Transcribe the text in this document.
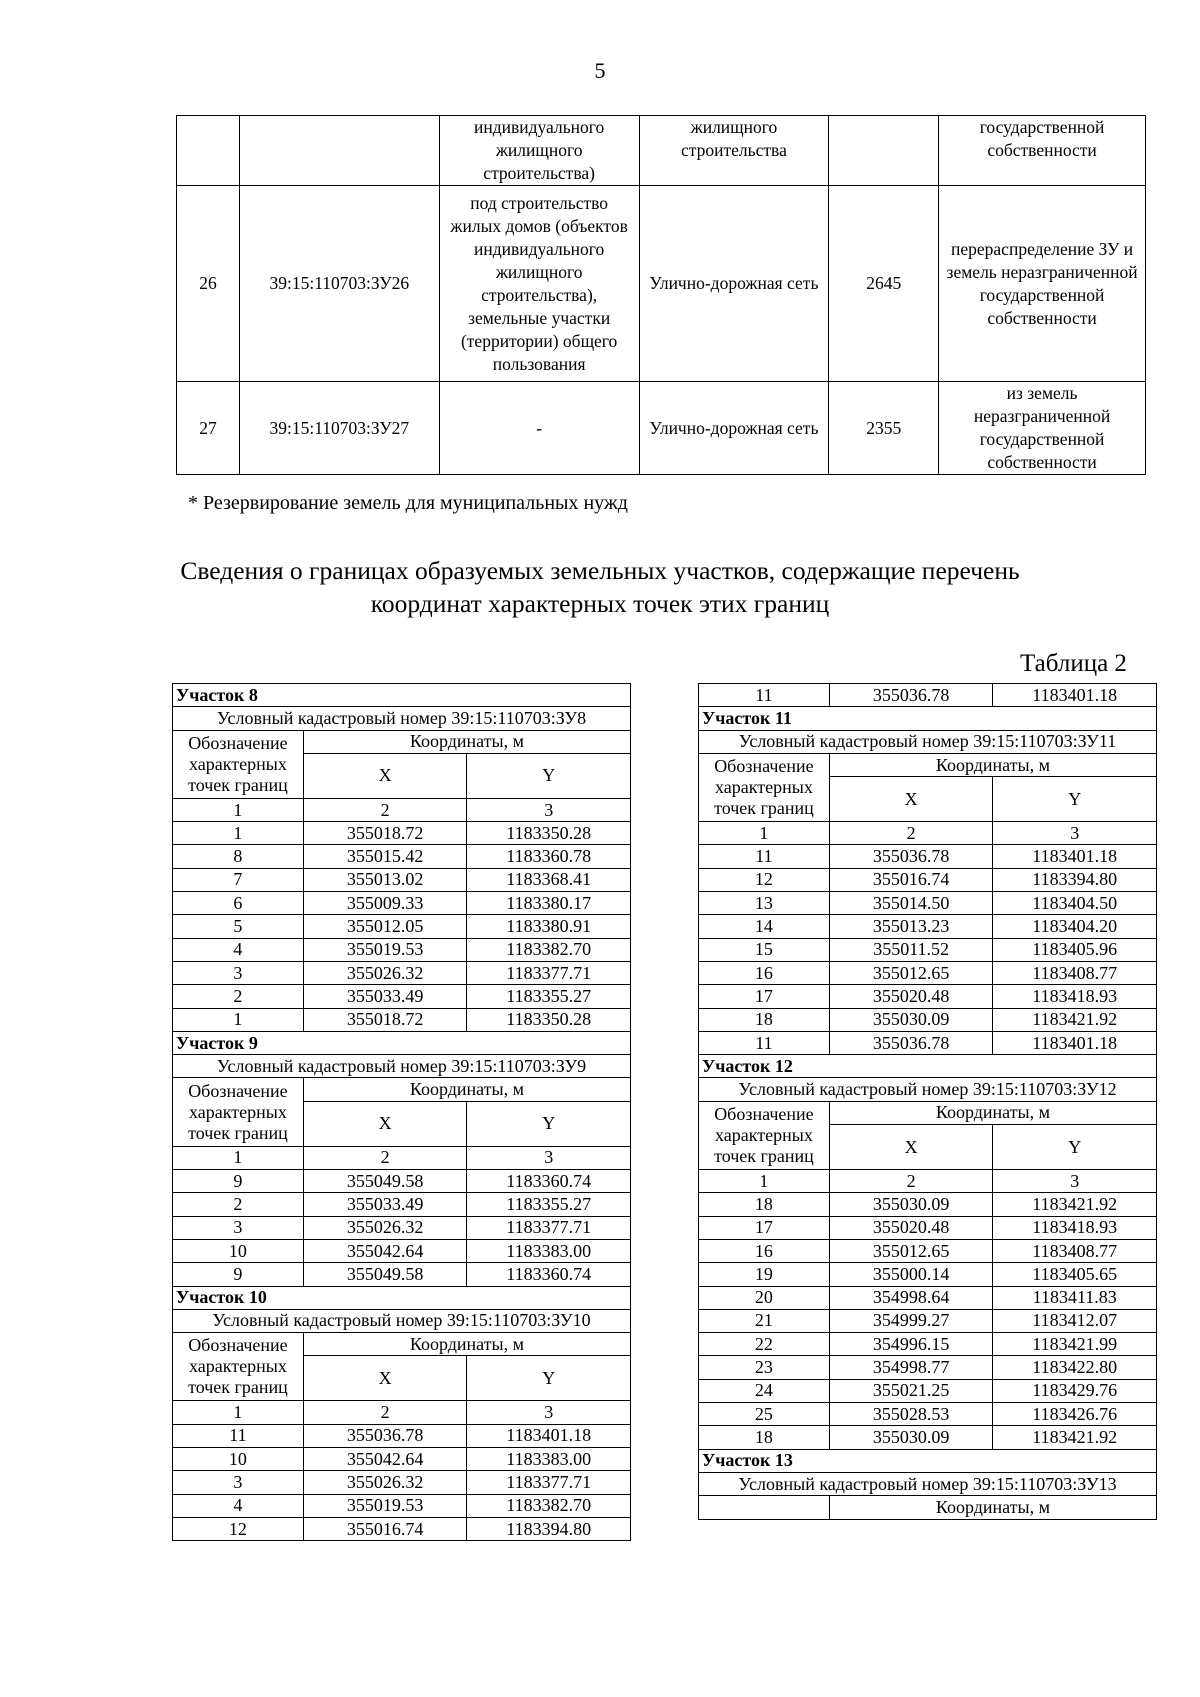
5
		индивидуального жилищного строительства)	жилищного строительства		государственной собственности
26	39:15:110703:ЗУ26	под строительство жилых домов (объектов индивидуального жилищного строительства), земельные участки (территории) общего пользования	Улично-дорожная сеть	2645	перераспределение ЗУ и земель неразграниченной государственной собственности
27	39:15:110703:ЗУ27	-	Улично-дорожная сеть	2355	из земель неразграниченной государственной собственности
* Резервирование земель для муниципальных нужд
Сведения о границах образуемых земельных участков, содержащие перечень
координат характерных точек этих границ
Таблица 2
Участок 8		
Условный кадастровый номер 39:15:110703:ЗУ8		
Обозначение характерных точек границ	Координаты, м	
	X	Y
1	2	3
1	355018.72	1183350.28
8	355015.42	1183360.78
7	355013.02	1183368.41
6	355009.33	1183380.17
5	355012.05	1183380.91
4	355019.53	1183382.70
3	355026.32	1183377.71
2	355033.49	1183355.27
1	355018.72	1183350.28
Участок 9		
Условный кадастровый номер 39:15:110703:ЗУ9		
Обозначение характерных точек границ	Координаты, м	
	X	Y
1	2	3
9	355049.58	1183360.74
2	355033.49	1183355.27
3	355026.32	1183377.71
10	355042.64	1183383.00
9	355049.58	1183360.74
Участок 10		
Условный кадастровый номер 39:15:110703:ЗУ10		
Обозначение характерных точек границ	Координаты, м	
	X	Y
1	2	3
11	355036.78	1183401.18
10	355042.64	1183383.00
3	355026.32	1183377.71
4	355019.53	1183382.70
12	355016.74	1183394.80
11	355036.78	1183401.18
Участок 11		
Условный кадастровый номер 39:15:110703:ЗУ11		
Обозначение характерных точек границ	Координаты, м	
	X	Y
1	2	3
11	355036.78	1183401.18
12	355016.74	1183394.80
13	355014.50	1183404.50
14	355013.23	1183404.20
15	355011.52	1183405.96
16	355012.65	1183408.77
17	355020.48	1183418.93
18	355030.09	1183421.92
11	355036.78	1183401.18
Участок 12		
Условный кадастровый номер 39:15:110703:ЗУ12		
Обозначение характерных точек границ	Координаты, м	
	X	Y
1	2	3
18	355030.09	1183421.92
17	355020.48	1183418.93
16	355012.65	1183408.77
19	355000.14	1183405.65
20	354998.64	1183411.83
21	354999.27	1183412.07
22	354996.15	1183421.99
23	354998.77	1183422.80
24	355021.25	1183429.76
25	355028.53	1183426.76
18	355030.09	1183421.92
Участок 13		
Условный кадастровый номер 39:15:110703:ЗУ13		
	Координаты, м	
